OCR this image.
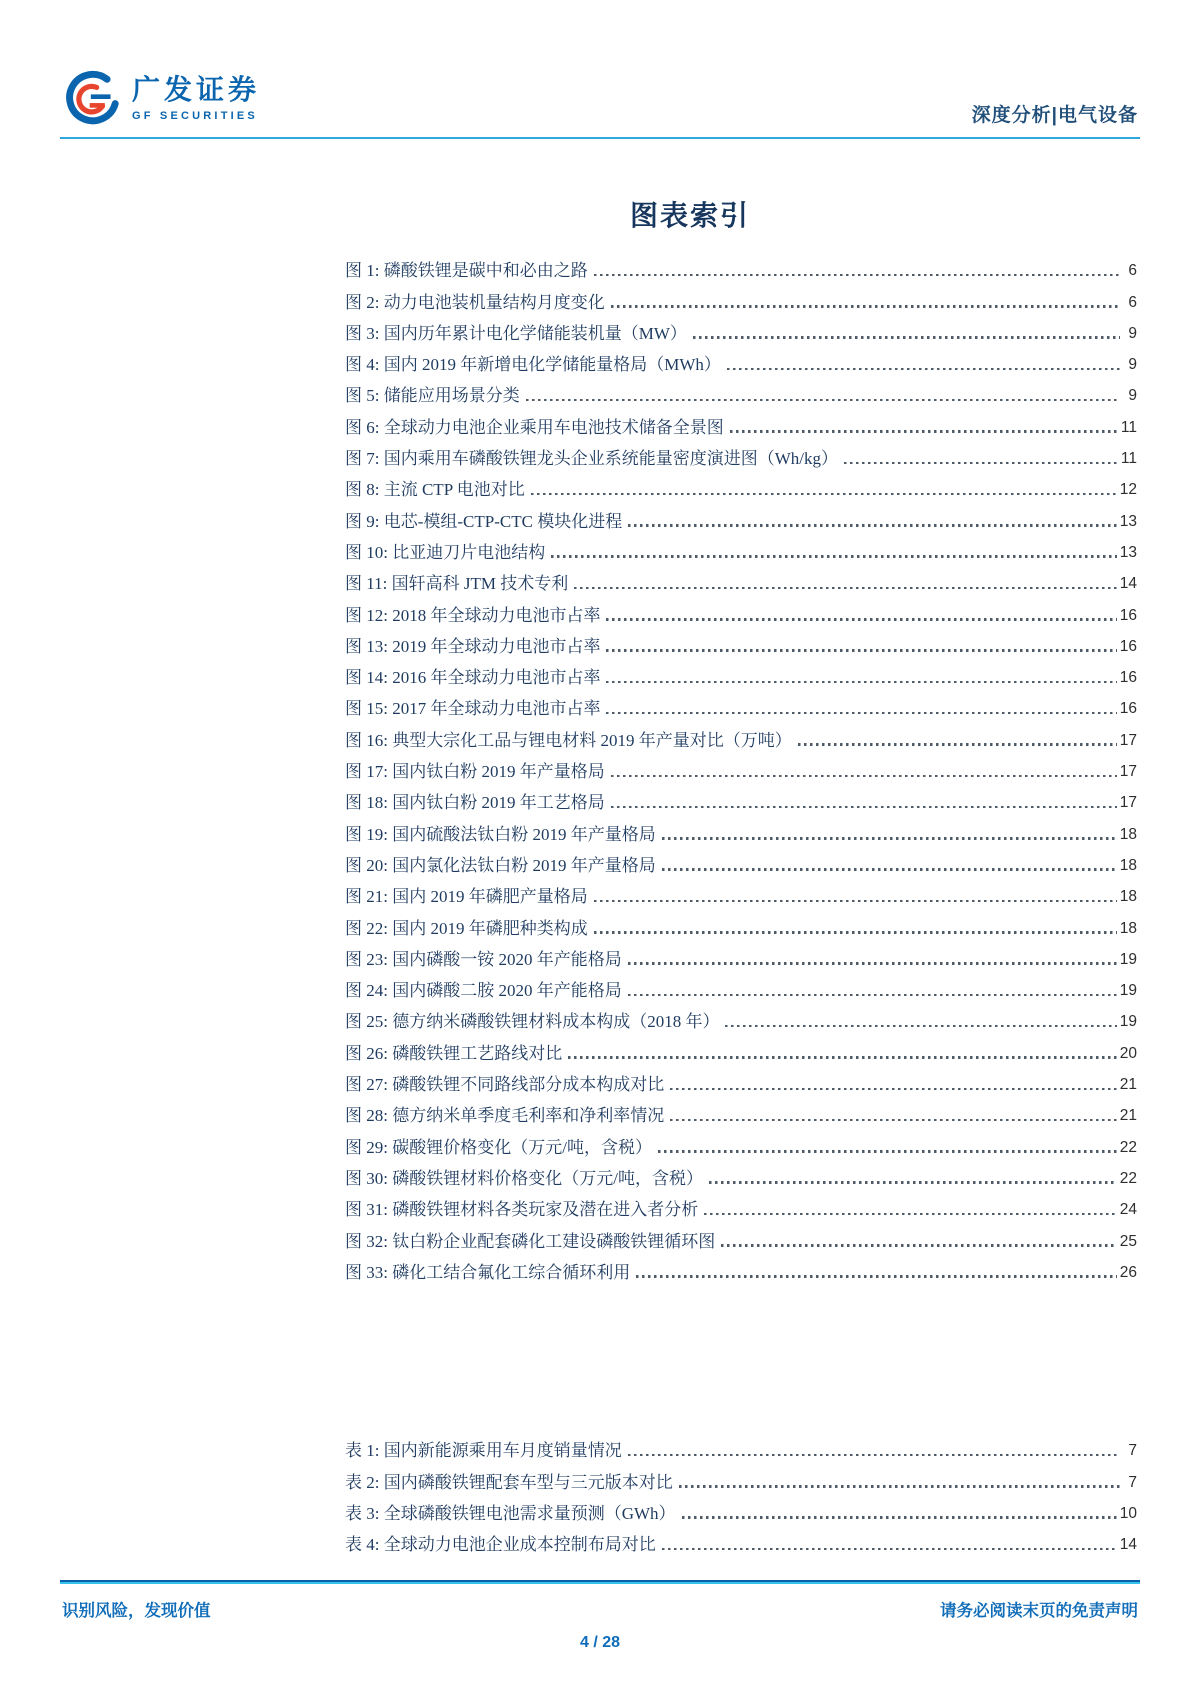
广发证券
GF SECURITIES	深度分析|电气设备
图表索引
图 1: 磷酸铁锂是碳中和必由之路	6
图 2: 动力电池装机量结构月度变化	6
图 3: 国内历年累计电化学储能装机量（MW）	9
图 4: 国内 2019 年新增电化学储能量格局（MWh）	9
图 5: 储能应用场景分类	9
图 6: 全球动力电池企业乘用车电池技术储备全景图	11
图 7: 国内乘用车磷酸铁锂龙头企业系统能量密度演进图（Wh/kg）	11
图 8: 主流 CTP 电池对比	12
图 9: 电芯-模组-CTP-CTC 模块化进程	13
图 10: 比亚迪刀片电池结构	13
图 11: 国轩高科 JTM 技术专利	14
图 12: 2018 年全球动力电池市占率	16
图 13: 2019 年全球动力电池市占率	16
图 14: 2016 年全球动力电池市占率	16
图 15: 2017 年全球动力电池市占率	16
图 16: 典型大宗化工品与锂电材料 2019 年产量对比（万吨）	17
图 17: 国内钛白粉 2019 年产量格局	17
图 18: 国内钛白粉 2019 年工艺格局	17
图 19: 国内硫酸法钛白粉 2019 年产量格局	18
图 20: 国内氯化法钛白粉 2019 年产量格局	18
图 21: 国内 2019 年磷肥产量格局	18
图 22: 国内 2019 年磷肥种类构成	18
图 23: 国内磷酸一铵 2020 年产能格局	19
图 24: 国内磷酸二胺 2020 年产能格局	19
图 25: 德方纳米磷酸铁锂材料成本构成（2018 年）	19
图 26: 磷酸铁锂工艺路线对比	20
图 27: 磷酸铁锂不同路线部分成本构成对比	21
图 28: 德方纳米单季度毛利率和净利率情况	21
图 29: 碳酸锂价格变化（万元/吨，含税）	22
图 30: 磷酸铁锂材料价格变化（万元/吨，含税）	22
图 31: 磷酸铁锂材料各类玩家及潜在进入者分析	24
图 32: 钛白粉企业配套磷化工建设磷酸铁锂循环图	25
图 33: 磷化工结合氟化工综合循环利用	26
表 1: 国内新能源乘用车月度销量情况	7
表 2: 国内磷酸铁锂配套车型与三元版本对比	7
表 3: 全球磷酸铁锂电池需求量预测（GWh）	10
表 4: 全球动力电池企业成本控制布局对比	14
识别风险，发现价值	请务必阅读末页的免责声明
4 / 28
